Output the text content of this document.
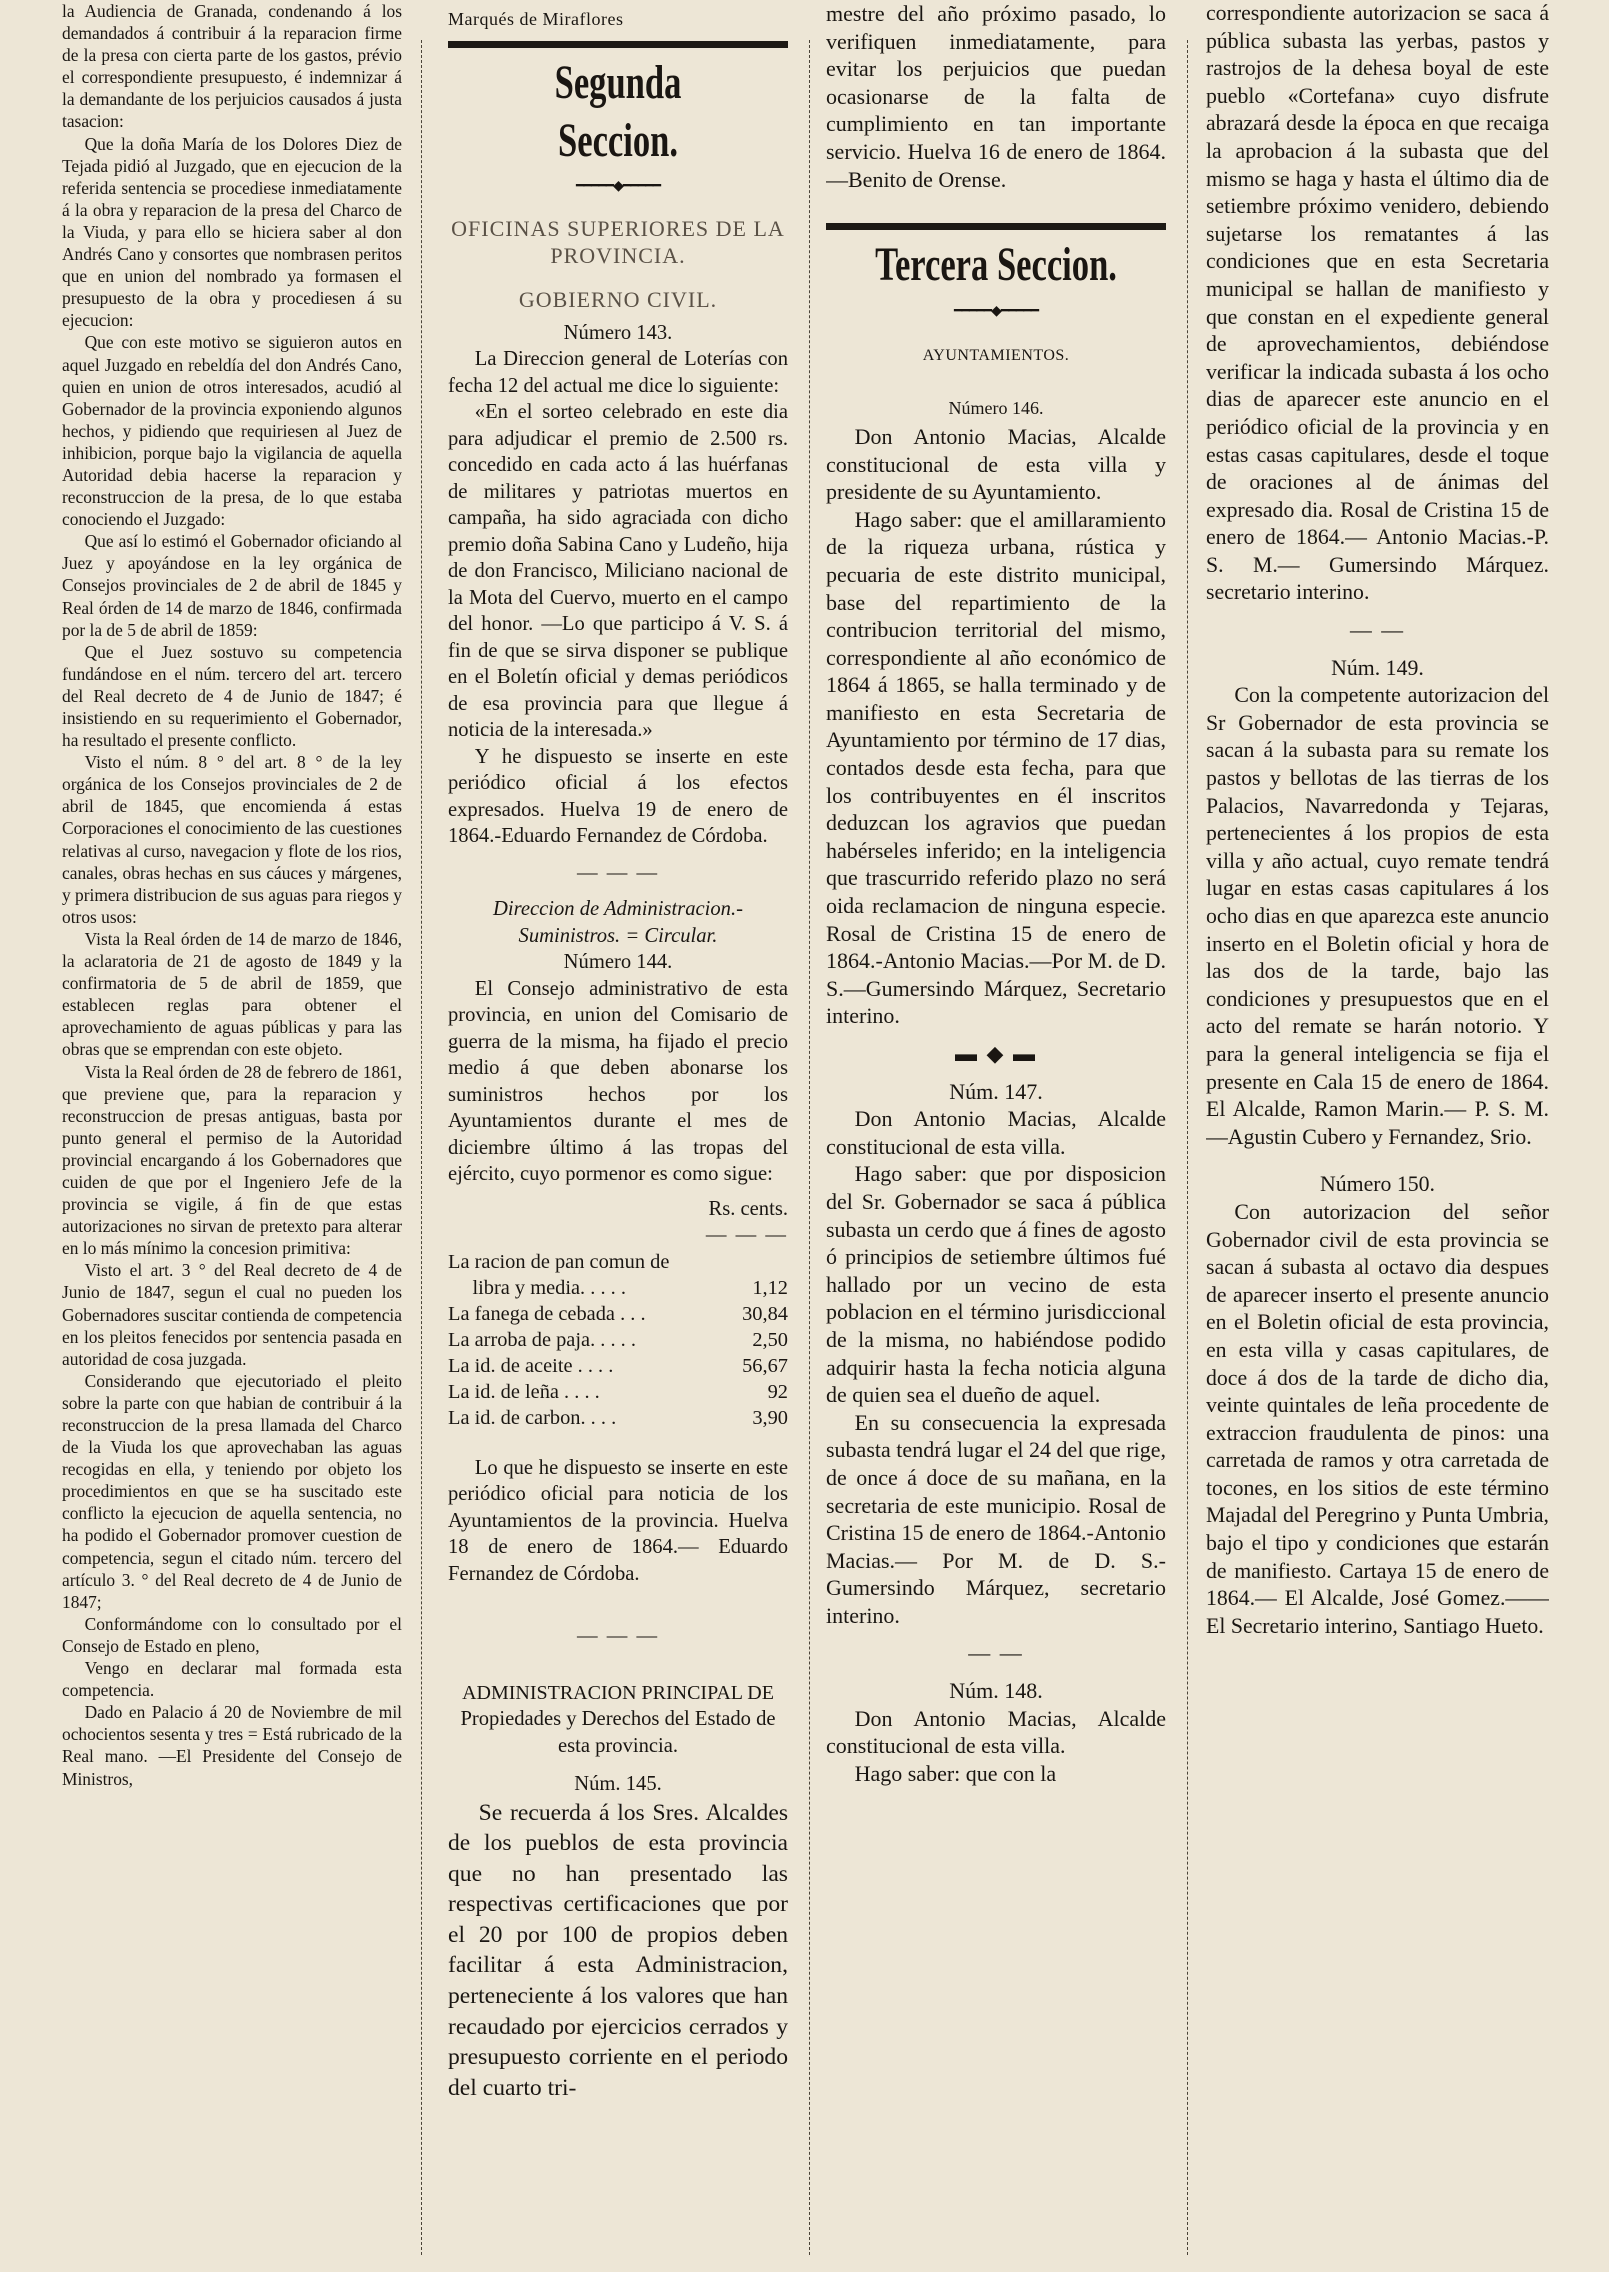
la Audiencia de Granada, condenando á los demandados á contribuir á la reparacion firme de la presa con cierta parte de los gastos, prévio el correspondiente presupuesto, é indemnizar á la demandante de los perjuicios causados á justa tasacion:

Que la doña María de los Dolores Diez de Tejada pidió al Juzgado, que en ejecucion de la referida sentencia se procediese inmediatamente á la obra y reparacion de la presa del Charco de la Viuda, y para ello se hiciera saber al don Andrés Cano y consortes que nombrasen peritos que en union del nombrado ya formasen el presupuesto de la obra y procediesen á su ejecucion:

Que con este motivo se siguieron autos en aquel Juzgado en rebeldía del don Andrés Cano, quien en union de otros interesados, acudió al Gobernador de la provincia exponiendo algunos hechos, y pidiendo que requiriesen al Juez de inhibicion, porque bajo la vigilancia de aquella Autoridad debia hacerse la reparacion y reconstruccion de la presa, de lo que estaba conociendo el Juzgado:

Que así lo estimó el Gobernador oficiando al Juez y apoyándose en la ley orgánica de Consejos provinciales de 2 de abril de 1845 y Real órden de 14 de marzo de 1846, confirmada por la de 5 de abril de 1859:

Que el Juez sostuvo su competencia fundándose en el núm. tercero del art. tercero del Real decreto de 4 de Junio de 1847; é insistiendo en su requerimiento el Gobernador, ha resultado el presente conflicto.

Visto el núm. 8 ° del art. 8 ° de la ley orgánica de los Consejos provinciales de 2 de abril de 1845, que encomienda á estas Corporaciones el conocimiento de las cuestiones relativas al curso, navegacion y flote de los rios, canales, obras hechas en sus cáuces y márgenes, y primera distribucion de sus aguas para riegos y otros usos:

Vista la Real órden de 14 de marzo de 1846, la aclaratoria de 21 de agosto de 1849 y la confirmatoria de 5 de abril de 1859, que establecen reglas para obtener el aprovechamiento de aguas públicas y para las obras que se emprendan con este objeto.

Vista la Real órden de 28 de febrero de 1861, que previene que, para la reparacion y reconstruccion de presas antiguas, basta por punto general el permiso de la Autoridad provincial encargando á los Gobernadores que cuiden de que por el Ingeniero Jefe de la provincia se vigile, á fin de que estas autorizaciones no sirvan de pretexto para alterar en lo más mínimo la concesion primitiva:

Visto el art. 3 ° del Real decreto de 4 de Junio de 1847, segun el cual no pueden los Gobernadores suscitar contienda de competencia en los pleitos fenecidos por sentencia pasada en autoridad de cosa juzgada.

Considerando que ejecutoriado el pleito sobre la parte con que habian de contribuir á la reconstruccion de la presa llamada del Charco de la Viuda los que aprovechaban las aguas recogidas en ella, y teniendo por objeto los procedimientos en que se ha suscitado este conflicto la ejecucion de aquella sentencia, no ha podido el Gobernador promover cuestion de competencia, segun el citado núm. tercero del artículo 3. ° del Real decreto de 4 de Junio de 1847;

Conformándome con lo consultado por el Consejo de Estado en pleno,

Vengo en declarar mal formada esta competencia.

Dado en Palacio á 20 de Noviembre de mil ochocientos sesenta y tres = Está rubricado de la Real mano. —El Presidente del Consejo de Ministros,

Marqués de Miraflores
Segunda Seccion.
━━━━━◆━━━━━
OFICINAS SUPERIORES DE LA PROVINCIA.
GOBIERNO CIVIL.
Número 143.

La Direccion general de Loterías con fecha 12 del actual me dice lo siguiente:

«En el sorteo celebrado en este dia para adjudicar el premio de 2.500 rs. concedido en cada acto á las huérfanas de militares y patriotas muertos en campaña, ha sido agraciada con dicho premio doña Sabina Cano y Ludeño, hija de don Francisco, Miliciano nacional de la Mota del Cuervo, muerto en el campo del honor. —Lo que participo á V. S. á fin de que se sirva disponer se publique en el Boletín oficial y demas periódicos de esa provincia para que llegue á noticia de la interesada.»

Y he dispuesto se inserte en este periódico oficial á los efectos expresados. Huelva 19 de enero de 1864.-Eduardo Fernandez de Córdoba.

— — —
Direccion de Administracion.-Suministros. = Circular.
Número 144.

El Consejo administrativo de esta provincia, en union del Comisario de guerra de la misma, ha fijado el precio medio á que deben abonarse los suministros hechos por los Ayuntamientos durante el mes de diciembre último á las tropas del ejército, cuyo pormenor es como sigue:

Rs. cents.
— — —
La racion de pan comun de	
libra y media. . . . .	1,12
La fanega de cebada . . .	30,84
La arroba de paja. . . . .	2,50
La id. de aceite . . . .	56,67
La id. de leña . . . .	92
La id. de carbon. . . .	3,90

Lo que he dispuesto se inserte en este periódico oficial para noticia de los Ayuntamientos de la provincia. Huelva 18 de enero de 1864.— Eduardo Fernandez de Córdoba.

— — —
ADMINISTRACION PRINCIPAL DE
Propiedades y Derechos del Estado de esta provincia.
Núm. 145.

Se recuerda á los Sres. Alcaldes de los pueblos de esta provincia que no han presentado las respectivas certificaciones que por el 20 por 100 de propios deben facilitar á esta Administracion, perteneciente á los valores que han recaudado por ejercicios cerrados y presupuesto corriente en el periodo del cuarto tri-

mestre del año próximo pasado, lo verifiquen inmediatamente, para evitar los perjuicios que puedan ocasionarse de la falta de cumplimiento en tan importante servicio. Huelva 16 de enero de 1864. —Benito de Orense.

Tercera Seccion.
━━━━━◆━━━━━
AYUNTAMIENTOS.
Número 146.

Don Antonio Macias, Alcalde constitucional de esta villa y presidente de su Ayuntamiento.

Hago saber: que el amillaramiento de la riqueza urbana, rústica y pecuaria de este distrito municipal, base del repartimiento de la contribucion territorial del mismo, correspondiente al año económico de 1864 á 1865, se halla terminado y de manifiesto en esta Secretaria de Ayuntamiento por término de 17 dias, contados desde esta fecha, para que los contribuyentes en él inscritos deduzcan los agravios que puedan habérseles inferido; en la inteligencia que trascurrido referido plazo no será oida reclamacion de ninguna especie. Rosal de Cristina 15 de enero de 1864.-Antonio Macias.—Por M. de D. S.—Gumersindo Márquez, Secretario interino.

▬ ◆ ▬
Núm. 147.

Don Antonio Macias, Alcalde constitucional de esta villa.

Hago saber: que por disposicion del Sr. Gobernador se saca á pública subasta un cerdo que á fines de agosto ó principios de setiembre últimos fué hallado por un vecino de esta poblacion en el término jurisdiccional de la misma, no habiéndose podido adquirir hasta la fecha noticia alguna de quien sea el dueño de aquel.

En su consecuencia la expresada subasta tendrá lugar el 24 del que rige, de once á doce de su mañana, en la secretaria de este municipio. Rosal de Cristina 15 de enero de 1864.-Antonio Macias.— Por M. de D. S.-Gumersindo Márquez, secretario interino.

— —
Núm. 148.

Don Antonio Macias, Alcalde constitucional de esta villa.

Hago saber: que con la

correspondiente autorizacion se saca á pública subasta las yerbas, pastos y rastrojos de la dehesa boyal de este pueblo «Cortefana» cuyo disfrute abrazará desde la época en que recaiga la aprobacion á la subasta que del mismo se haga y hasta el último dia de setiembre próximo venidero, debiendo sujetarse los rematantes á las condiciones que en esta Secretaria municipal se hallan de manifiesto y que constan en el expediente general de aprovechamientos, debiéndose verificar la indicada subasta á los ocho dias de aparecer este anuncio en el periódico oficial de la provincia y en estas casas capitulares, desde el toque de oraciones al de ánimas del expresado dia. Rosal de Cristina 15 de enero de 1864.— Antonio Macias.-P. S. M.— Gumersindo Márquez. secretario interino.

— —
Núm. 149.

Con la competente autorizacion del Sr Gobernador de esta provincia se sacan á la subasta para su remate los pastos y bellotas de las tierras de los Palacios, Navarredonda y Tejaras, pertenecientes á los propios de esta villa y año actual, cuyo remate tendrá lugar en estas casas capitulares á los ocho dias en que aparezca este anuncio inserto en el Boletin oficial y hora de las dos de la tarde, bajo las condiciones y presupuestos que en el acto del remate se harán notorio. Y para la general inteligencia se fija el presente en Cala 15 de enero de 1864. El Alcalde, Ramon Marin.— P. S. M.—Agustin Cubero y Fernandez, Srio.

Número 150.

Con autorizacion del señor Gobernador civil de esta provincia se sacan á subasta al octavo dia despues de aparecer inserto el presente anuncio en el Boletin oficial de esta provincia, en esta villa y casas capitulares, de doce á dos de la tarde de dicho dia, veinte quintales de leña procedente de extraccion fraudulenta de pinos: una carretada de ramos y otra carretada de tocones, en los sitios de este término Majadal del Peregrino y Punta Umbria, bajo el tipo y condiciones que estarán de manifiesto. Cartaya 15 de enero de 1864.— El Alcalde, José Gomez.——El Secretario interino, Santiago Hueto.
